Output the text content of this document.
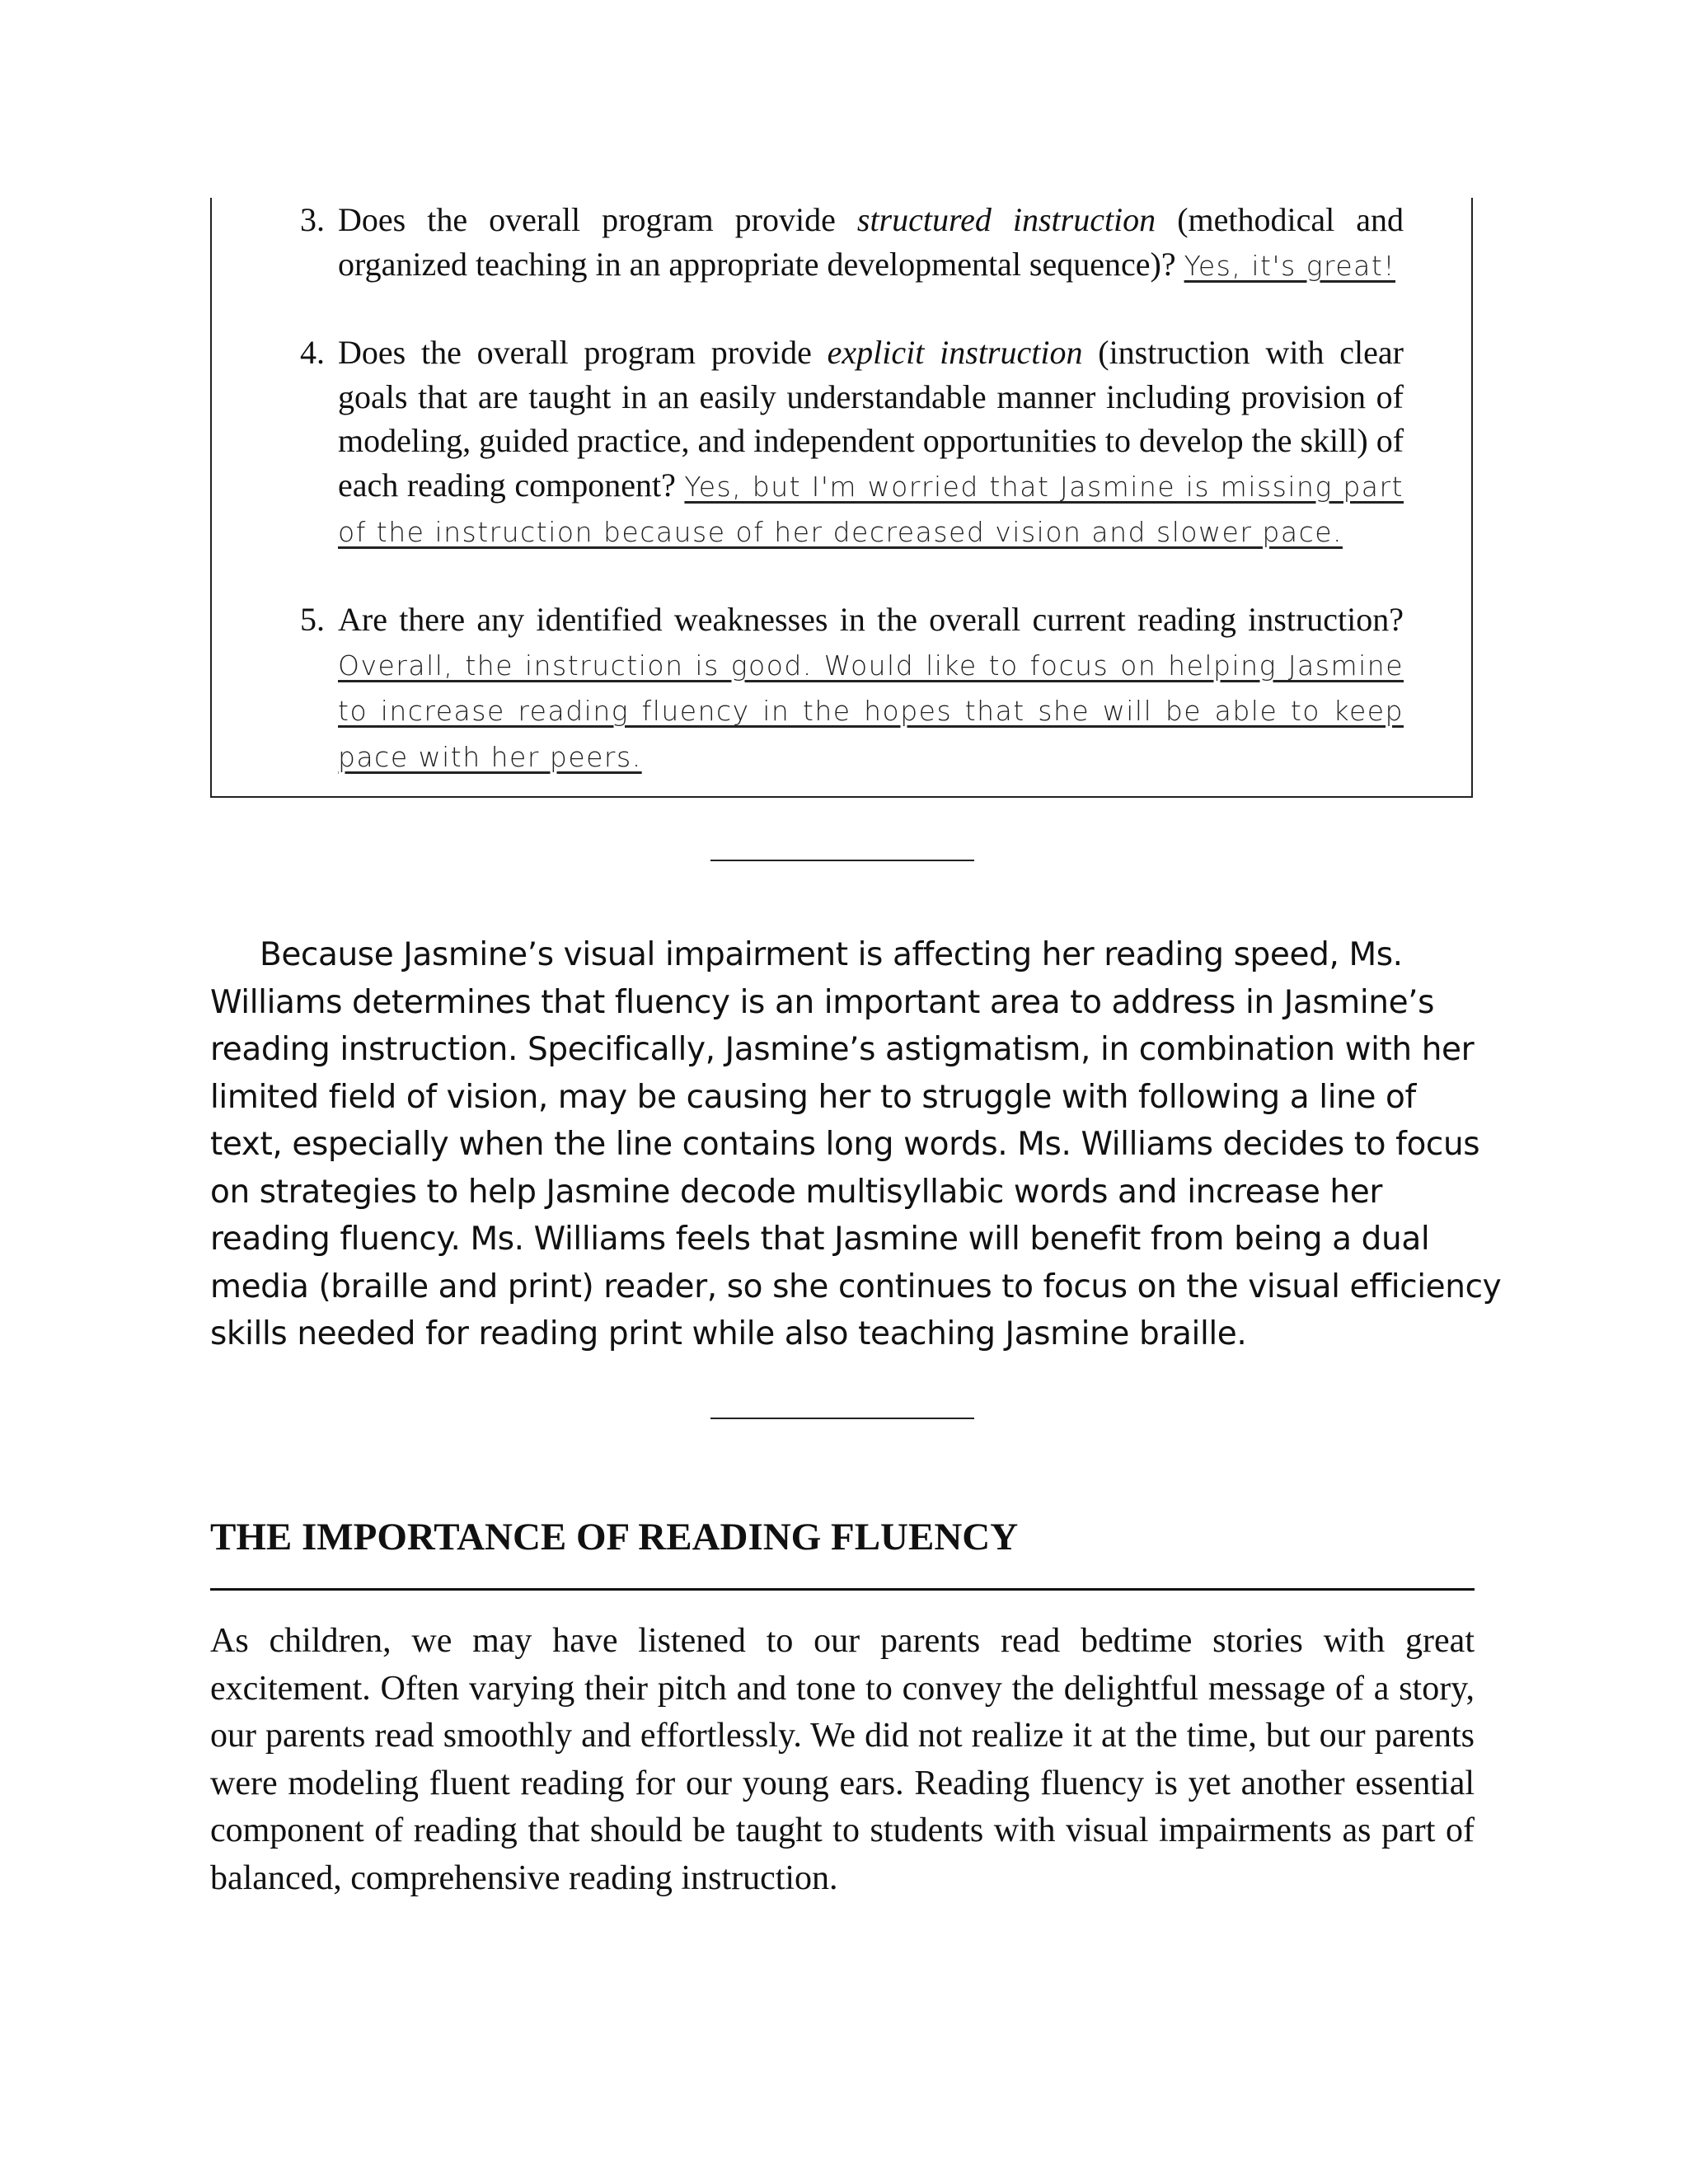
3. Does the overall program provide structured instruction (methodical and organized teaching in an appropriate developmental sequence)? Yes, it's great!
4. Does the overall program provide explicit instruction (instruction with clear goals that are taught in an easily understandable manner including provision of modeling, guided practice, and independent opportunities to develop the skill) of each reading component? Yes, but I'm worried that Jasmine is missing part of the instruction because of her decreased vision and slower pace.
5. Are there any identified weaknesses in the overall current reading instruction? Overall, the instruction is good. Would like to focus on helping Jasmine to increase reading fluency in the hopes that she will be able to keep pace with her peers.
Because Jasmine’s visual impairment is affecting her reading speed, Ms.
Williams determines that fluency is an important area to address in Jasmine’s
reading instruction. Specifically, Jasmine’s astigmatism, in combination with her
limited field of vision, may be causing her to struggle with following a line of
text, especially when the line contains long words. Ms. Williams decides to focus
on strategies to help Jasmine decode multisyllabic words and increase her
reading fluency. Ms. Williams feels that Jasmine will benefit from being a dual
media (braille and print) reader, so she continues to focus on the visual efficiency
skills needed for reading print while also teaching Jasmine braille.
THE IMPORTANCE OF READING FLUENCY

As children, we may have listened to our parents read bedtime stories with great excitement. Often varying their pitch and tone to convey the delightful message of a story, our parents read smoothly and effortlessly. We did not realize it at the time, but our parents were modeling fluent reading for our young ears. Reading fluency is yet another essential component of reading that should be taught to students with visual impairments as part of balanced, comprehensive reading instruction.
